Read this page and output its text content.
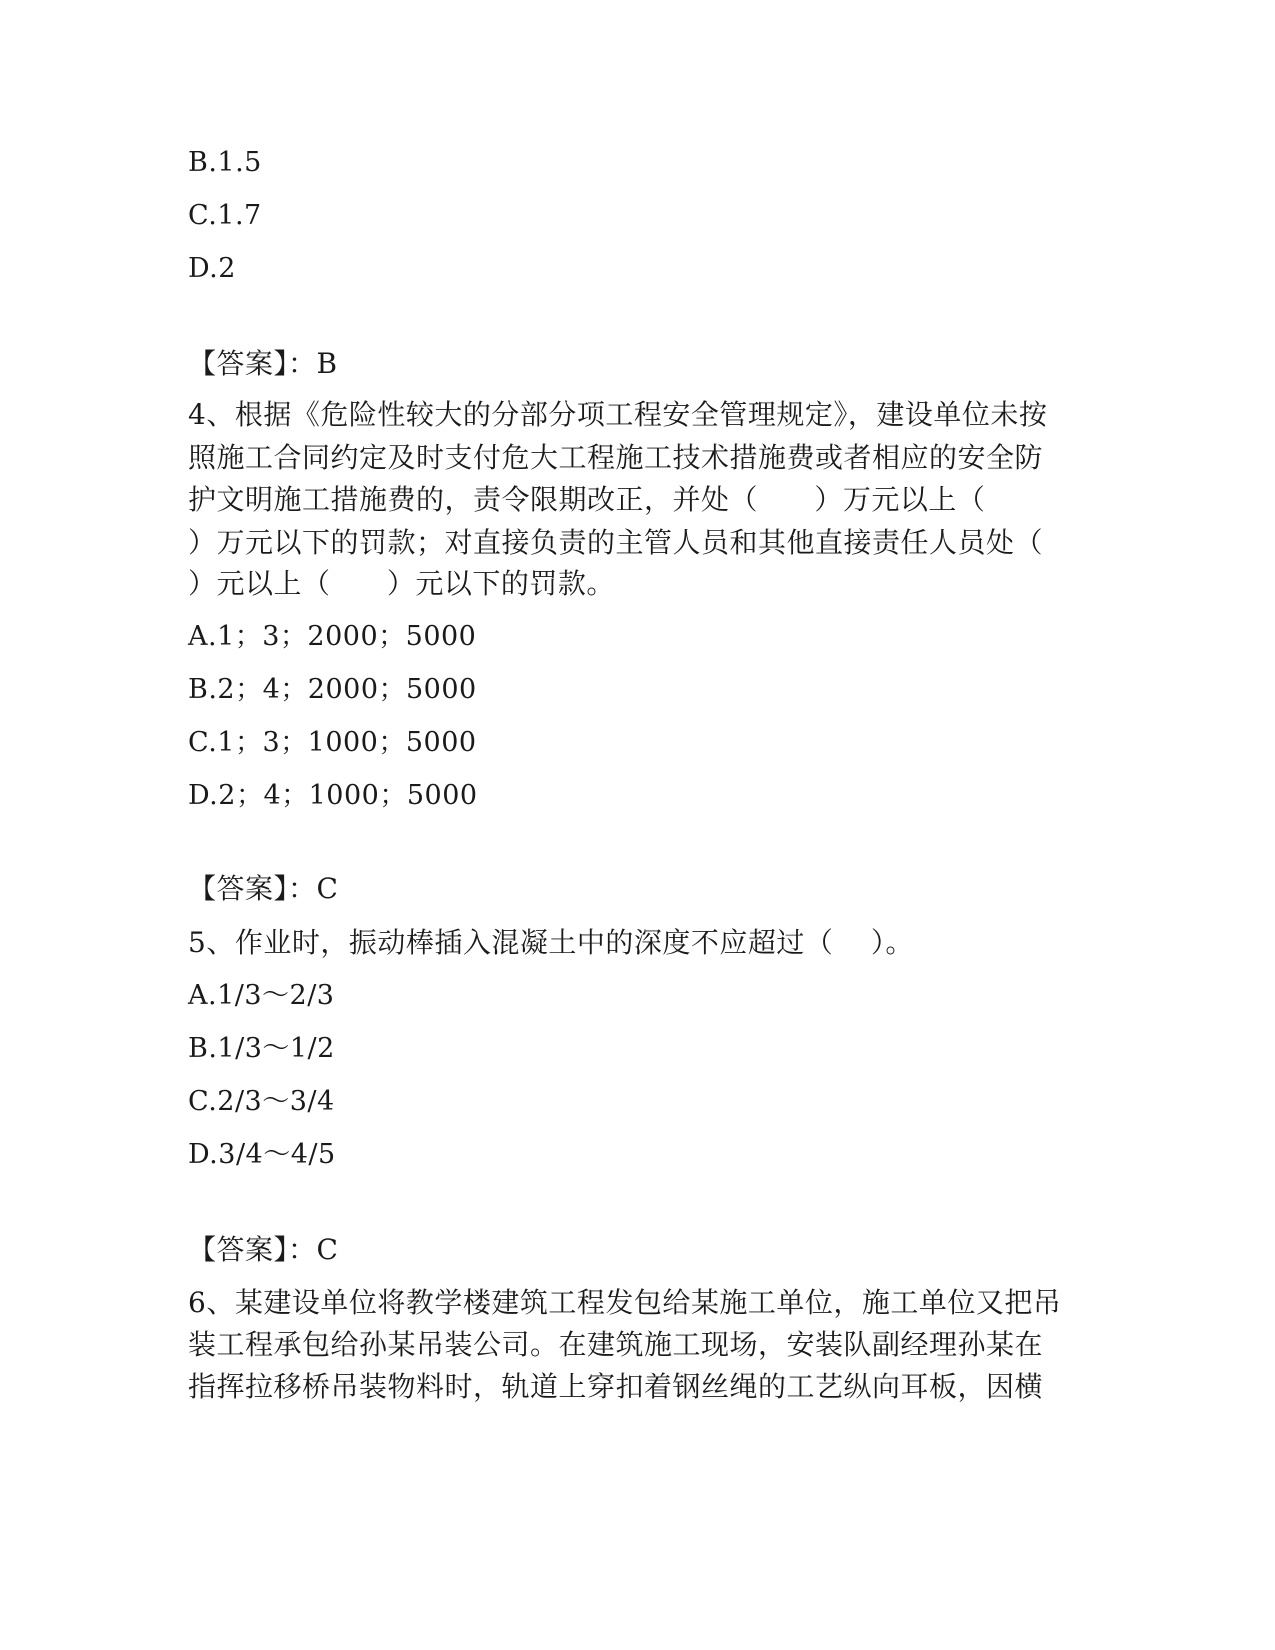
B.1.5
C.1.7
D.2
【答案】：B
4、根据《危险性较大的分部分项工程安全管理规定》，建设单位未按
照施工合同约定及时支付危大工程施工技术措施费或者相应的安全防
护文明施工措施费的，责令限期改正，并处（      ）万元以上（
）万元以下的罚款；对直接负责的主管人员和其他直接责任人员处（
）元以上（      ）元以下的罚款。
A.1；3；2000；5000
B.2；4；2000；5000
C.1；3；1000；5000
D.2；4；1000；5000
【答案】：C
5、作业时，振动棒插入混凝土中的深度不应超过（    ）。
A.1/3～2/3
B.1/3～1/2
C.2/3～3/4
D.3/4～4/5
【答案】：C
6、某建设单位将教学楼建筑工程发包给某施工单位，施工单位又把吊
装工程承包给孙某吊装公司。在建筑施工现场，安装队副经理孙某在
指挥拉移桥吊装物料时，轨道上穿扣着钢丝绳的工艺纵向耳板，因横
